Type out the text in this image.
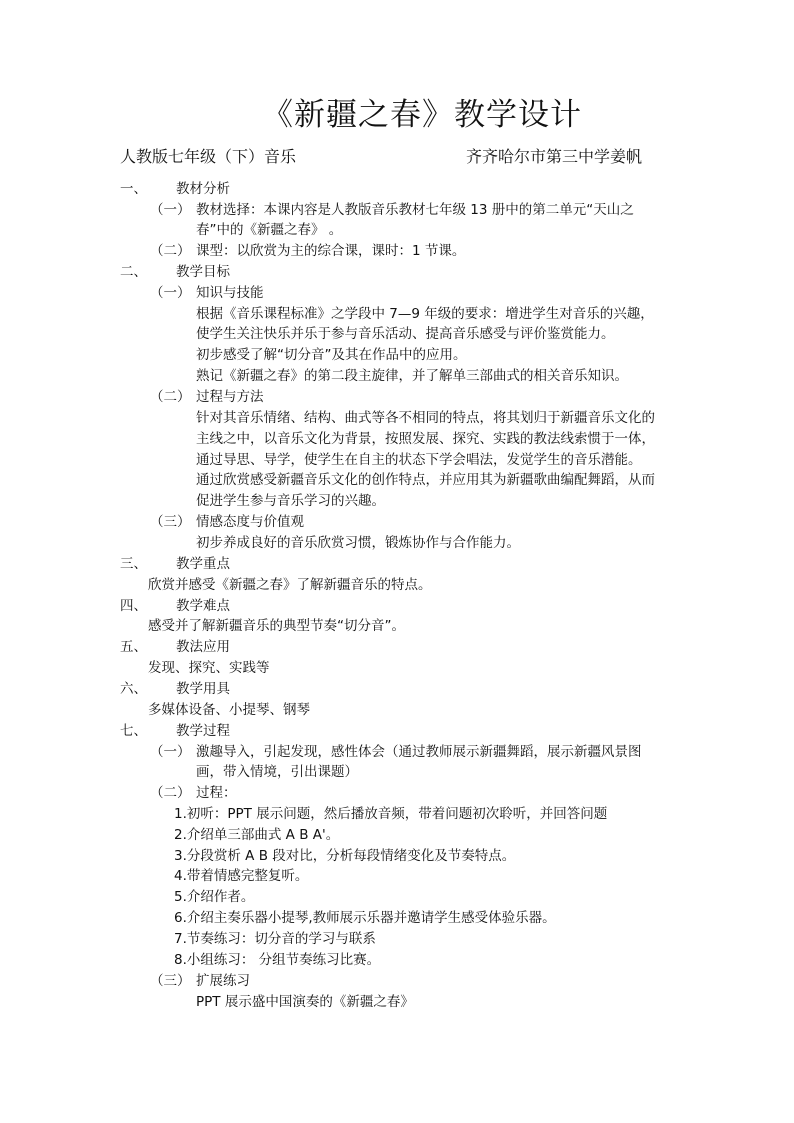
《新疆之春》教学设计
人教版七年级（下）音乐	齐齐哈尔市第三中学姜帆
一、 教材分析
（一） 教材选择：本课内容是人教版音乐教材七年级 13 册中的第二单元“天山之
春”中的《新疆之春》 。
（二） 课型：以欣赏为主的综合课，课时：1 节课。
二、 教学目标
（一） 知识与技能
根据《音乐课程标准》之学段中 7—9 年级的要求：增进学生对音乐的兴趣，
使学生关注快乐并乐于参与音乐活动、提高音乐感受与评价鉴赏能力。
初步感受了解“切分音”及其在作品中的应用。
熟记《新疆之春》的第二段主旋律，并了解单三部曲式的相关音乐知识。
（二） 过程与方法
针对其音乐情绪、结构、曲式等各不相同的特点，将其划归于新疆音乐文化的
主线之中，以音乐文化为背景，按照发展、探究、实践的教法线索惯于一体，
通过导思、导学，使学生在自主的状态下学会唱法，发觉学生的音乐潜能。
通过欣赏感受新疆音乐文化的创作特点，并应用其为新疆歌曲编配舞蹈，从而
促进学生参与音乐学习的兴趣。
（三） 情感态度与价值观
初步养成良好的音乐欣赏习惯，锻炼协作与合作能力。
三、 教学重点
欣赏并感受《新疆之春》了解新疆音乐的特点。
四、 教学难点
感受并了解新疆音乐的典型节奏“切分音”。
五、 教法应用
发现、探究、实践等
六、 教学用具
多媒体设备、小提琴、钢琴
七、 教学过程
（一） 激趣导入，引起发现，感性体会（通过教师展示新疆舞蹈，展示新疆风景图
画，带入情境，引出课题）
（二） 过程：
1.初听：PPT 展示问题，然后播放音频，带着问题初次聆听，并回答问题
2.介绍单三部曲式 A B A'。
3.分段赏析 A B 段对比，分析每段情绪变化及节奏特点。
4.带着情感完整复听。
5.介绍作者。
6.介绍主奏乐器小提琴,教师展示乐器并邀请学生感受体验乐器。
7.节奏练习：切分音的学习与联系
8.小组练习： 分组节奏练习比赛。
（三） 扩展练习
PPT 展示盛中国演奏的《新疆之春》
